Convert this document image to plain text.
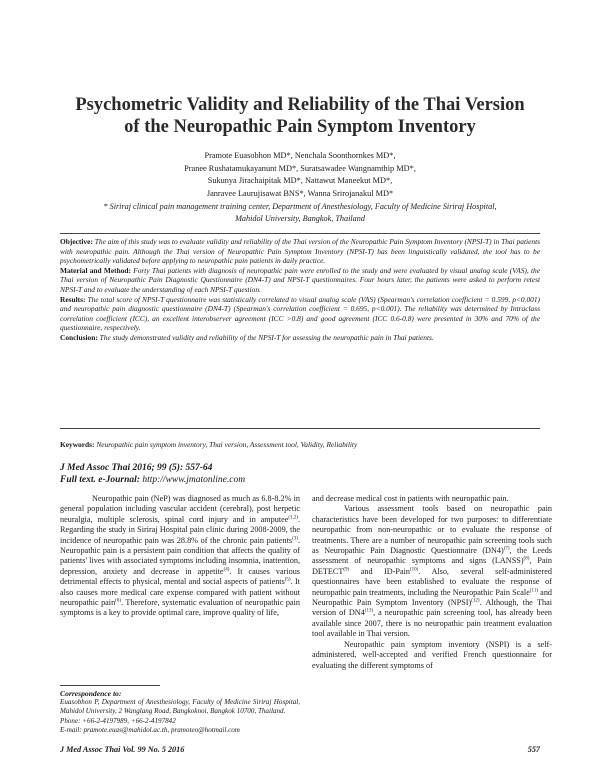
Psychometric Validity and Reliability of the Thai Version
of the Neuropathic Pain Symptom Inventory
Pramote Euasobhon MD*, Nenchala Soonthornkes MD*,
Pranee Rushatamukayanunt MD*, Suratsawadee Wangnamthip MD*,
Sukunya Jirachaipitak MD*, Nattawut Maneekut MD*,
Janravee Laurujisawat BNS*, Wanna Srirojanakul MD*
* Siriraj clinical pain management training center, Department of Anesthesiology, Faculty of Medicine Siriraj Hospital,
Mahidol University, Bangkok, Thailand

Objective: The aim of this study was to evaluate validity and reliability of the Thai version of the Neuropathic Pain Symptom Inventory (NPSI-T) in Thai patients with neuropathic pain. Although the Thai version of Neuropathic Pain Symptom Inventory (NPSI-T) has been linguistically validated, the tool has to be psychometrically validated before applying to neuropathic pain patients in daily practice.

Material and Method: Forty Thai patients with diagnosis of neuropathic pain were enrolled to the study and were evaluated by visual analog scale (VAS), the Thai version of Neuropathic Pain Diagnostic Questionnaire (DN4-T) and NPSI-T questionnaires. Four hours later, the patients were asked to perform retest NPSI-T and to evaluate the understanding of each NPSI-T question.

Results: The total score of NPSI-T questionnaire was statistically correlated to visual analog scale (VAS) (Spearman's correlation coefficient = 0.599, p<0.001) and neuropathic pain diagnostic questionnaire (DN4-T) (Spearman's correlation coefficient = 0.695, p<0.001). The reliability was determined by Intraclass correlation coefficient (ICC), an excellent interobserver agreement (ICC >0.8) and good agreement (ICC 0.6-0.8) were presented in 30% and 70% of the questionnaire, respectively.

Conclusion: The study demonstrated validity and reliability of the NPSI-T for assessing the neuropathic pain in Thai patients.

Keywords: Neuropathic pain symptom inventory, Thai version, Assessment tool, Validity, Reliability
J Med Assoc Thai 2016; 99 (5): 557-64
Full text. e-Journal: http://www.jmatonline.com

Neuropathic pain (NeP) was diagnosed as much as 6.8-8.2% in general population including vascular accident (cerebral), post herpetic neuralgia, multiple sclerosis, spinal cord injury and in amputee$^{(1,2)}$. Regarding the study in Siriraj Hospital pain clinic during 2008-2009, the incidence of neuropathic pain was 28.8% of the chronic pain patients$^{(3)}$. Neuropathic pain is a persistent pain condition that affects the quality of patients' lives with associated symptoms including insomnia, inattention, depression, anxiety and decrease in appetite$^{(4)}$. It causes various detrimental effects to physical, mental and social aspects of patients$^{(5)}$. It also causes more medical care expense compared with patient without neuropathic pain$^{(6)}$. Therefore, systematic evaluation of neuropathic pain symptoms is a key to provide optimal care, improve quality of life,

Correspondence to:
Euasobhon P, Department of Anesthesiology, Faculty of Medicine Siriraj Hospital, Mahidol University, 2 Wanglang Road, Bangkoknoi, Bangkok 10700, Thailand.
Phone: +66-2-4197989, +66-2-4197842
E-mail: pramote.euas@mahidol.ac.th, pramoteo@hotmail.com

and decrease medical cost in patients with neuropathic pain.

Various assessment tools based on neuropathic pain characteristics have been developed for two purposes: to differentiate neuropathic from non-neuropathic or to evaluate the response of treatments. There are a number of neuropathic pain screening tools such as Neuropathic Pain Diagnostic Questionnaire $(DN4)^{(7)}$, the Leeds assessment of neuropathic symptoms and signs (LANSS)$^{(8)}$, Pain DETECT$^{(9)}$ and ID-Pain$^{(10)}$. Also, several self-administered questionnaires have been established to evaluate the response of neuropathic pain treatments, including the Neuropathic Pain Scale$^{(11)}$ and Neuropathic Pain Symptom Inventory (NPSI)$^{(12)}$. Although, the Thai version of DN4$^{(13)}$, a neuropathic pain screening tool, has already been available since 2007, there is no neuropathic pain treatment evaluation tool available in Thai version.

Neuropathic pain symptom inventory (NSPI) is a self-administered, well-accepted and verified French questionnaire for evaluating the different symptoms of

J Med Assoc Thai Vol. 99 No. 5 2016	557
